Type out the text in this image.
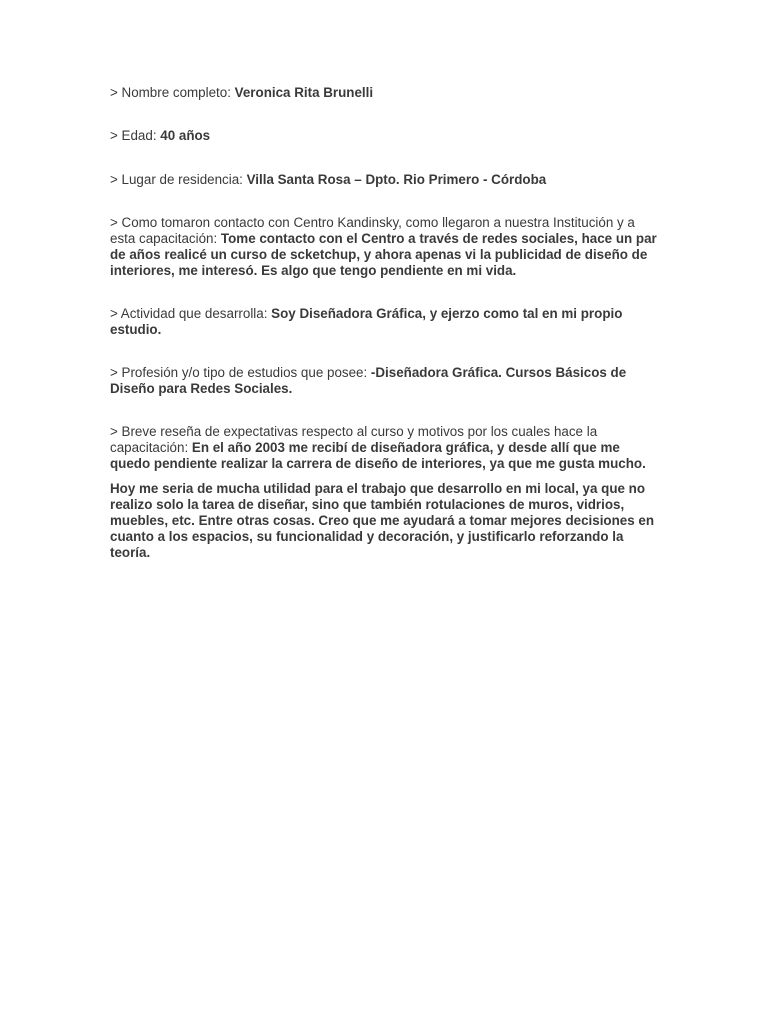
> Nombre completo: Veronica Rita Brunelli

> Edad: 40 años

> Lugar de residencia: Villa Santa Rosa – Dpto. Rio Primero - Córdoba

> Como tomaron contacto con Centro Kandinsky, como llegaron a nuestra Institución y a esta capacitación: Tome contacto con el Centro a través de redes sociales, hace un par de años realicé un curso de scketchup, y ahora apenas vi la publicidad de diseño de interiores, me interesó. Es algo que tengo pendiente en mi vida.

> Actividad que desarrolla: Soy Diseñadora Gráfica, y ejerzo como tal en mi propio estudio.

> Profesión y/o tipo de estudios que posee: -Diseñadora Gráfica. Cursos Básicos de Diseño para Redes Sociales.

> Breve reseña de expectativas respecto al curso y motivos por los cuales hace la capacitación: En el año 2003 me recibí de diseñadora gráfica, y desde allí que me quedo pendiente realizar la carrera de diseño de interiores, ya que me gusta mucho.

Hoy me seria de mucha utilidad para el trabajo que desarrollo en mi local, ya que no realizo solo la tarea de diseñar, sino que también rotulaciones de muros, vidrios, muebles, etc. Entre otras cosas. Creo que me ayudará a tomar mejores decisiones en cuanto a los espacios, su funcionalidad y decoración, y justificarlo reforzando la teoría.
